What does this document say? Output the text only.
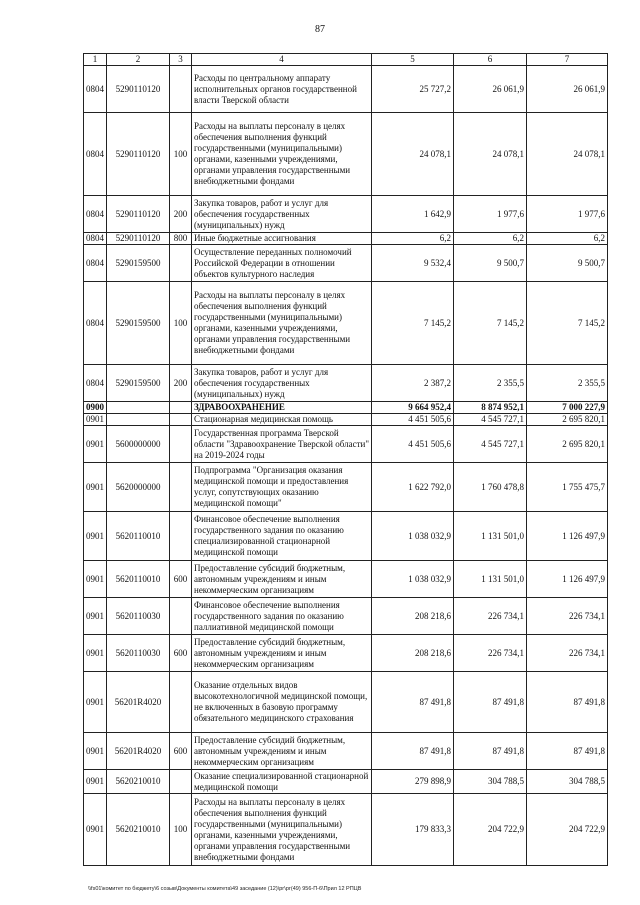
87
1	2	3	4	5	6	7
0804	5290110120		Расходы по центральному аппарату исполнительных органов государственной власти Тверской области	25 727,2	26 061,9	26 061,9
0804	5290110120	100	Расходы на выплаты персоналу в целях обеспечения выполнения функций государственными (муниципальными) органами, казенными учреждениями, органами управления государственными внебюджетными фондами	24 078,1	24 078,1	24 078,1
0804	5290110120	200	Закупка товаров, работ и услуг для обеспечения государственных (муниципальных) нужд	1 642,9	1 977,6	1 977,6
0804	5290110120	800	Иные бюджетные ассигнования	6,2	6,2	6,2
0804	5290159500		Осуществление переданных полномочий Российской Федерации в отношении объектов культурного наследия	9 532,4	9 500,7	9 500,7
0804	5290159500	100	Расходы на выплаты персоналу в целях обеспечения выполнения функций государственными (муниципальными) органами, казенными учреждениями, органами управления государственными внебюджетными фондами	7 145,2	7 145,2	7 145,2
0804	5290159500	200	Закупка товаров, работ и услуг для обеспечения государственных (муниципальных) нужд	2 387,2	2 355,5	2 355,5
0900			ЗДРАВООХРАНЕНИЕ	9 664 952,4	8 874 952,1	7 000 227,9
0901			Стационарная медицинская помощь	4 451 505,6	4 545 727,1	2 695 820,1
0901	5600000000		Государственная программа Тверской области "Здравоохранение Тверской области" на 2019-2024 годы	4 451 505,6	4 545 727,1	2 695 820,1
0901	5620000000		Подпрограмма "Организация оказания медицинской помощи и предоставления услуг, сопутствующих оказанию медицинской помощи"	1 622 792,0	1 760 478,8	1 755 475,7
0901	5620110010		Финансовое обеспечение выполнения государственного задания по оказанию специализированной стационарной медицинской помощи	1 038 032,9	1 131 501,0	1 126 497,9
0901	5620110010	600	Предоставление субсидий бюджетным, автономным учреждениям и иным некоммерческим организациям	1 038 032,9	1 131 501,0	1 126 497,9
0901	5620110030		Финансовое обеспечение выполнения государственного задания по оказанию паллиативной медицинской помощи	208 218,6	226 734,1	226 734,1
0901	5620110030	600	Предоставление субсидий бюджетным, автономным учреждениям и иным некоммерческим организациям	208 218,6	226 734,1	226 734,1
0901	56201R4020		Оказание отдельных видов высокотехнологичной медицинской помощи, не включенных в базовую программу обязательного медицинского страхования	87 491,8	87 491,8	87 491,8
0901	56201R4020	600	Предоставление субсидий бюджетным, автономным учреждениям и иным некоммерческим организациям	87 491,8	87 491,8	87 491,8
0901	5620210010		Оказание специализированной стационарной медицинской помощи	279 898,9	304 788,5	304 788,5
0901	5620210010	100	Расходы на выплаты персоналу в целях обеспечения выполнения функций государственными (муниципальными) органами, казенными учреждениями, органами управления государственными внебюджетными фондами	179 833,3	204 722,9	204 722,9
\\fs01\комитет по бюджету\6 созыв\Документы комитета\49 заседание (12)\рг\рг(49) 956-П-6\Прил 12 РПЦВ
